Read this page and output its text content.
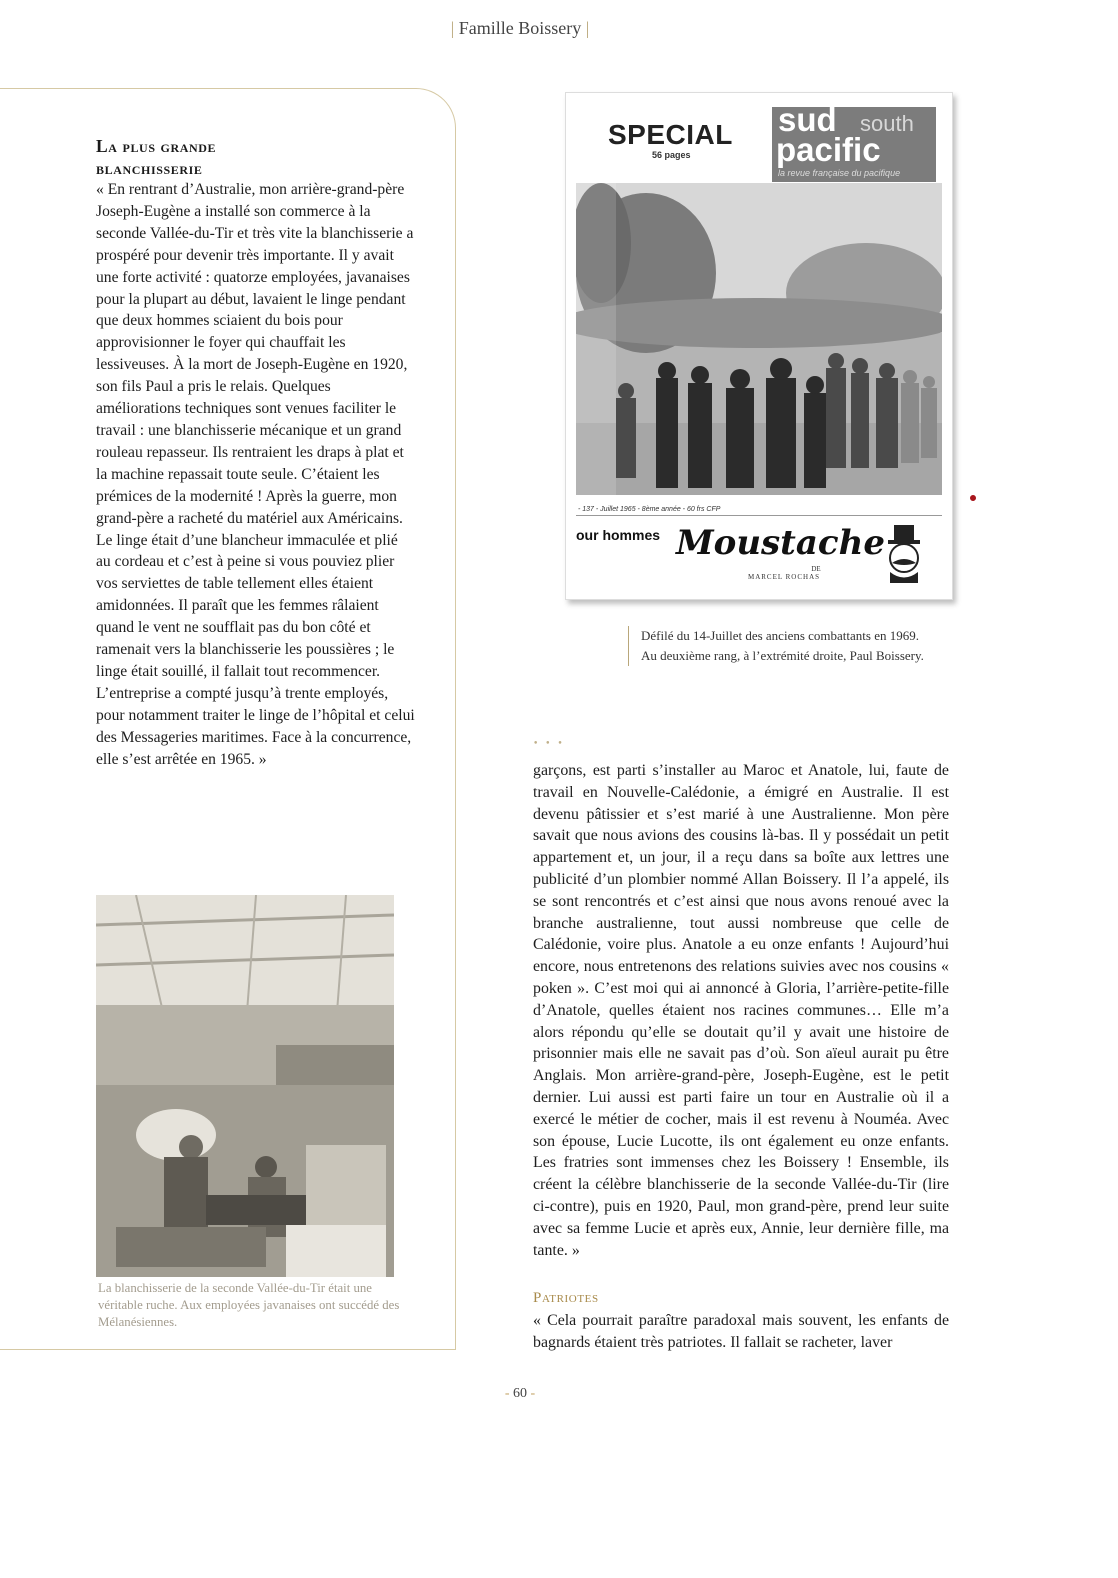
| Famille Boissery |
La plus grande
blanchisserie

« En rentrant d’Australie, mon arrière-grand-père Joseph-Eugène a installé son commerce à la seconde Vallée-du-Tir et très vite la blanchisserie a prospéré pour devenir très importante. Il y avait une forte activité : quatorze employées, javanaises pour la plupart au début, lavaient le linge pendant que deux hommes sciaient du bois pour approvisionner le foyer qui chauffait les lessiveuses. À la mort de Joseph-Eugène en 1920, son fils Paul a pris le relais. Quelques améliorations techniques sont venues faciliter le travail : une blanchisserie mécanique et un grand rouleau repasseur. Ils rentraient les draps à plat et la machine repassait toute seule. C’étaient les prémices de la modernité ! Après la guerre, mon grand-père a racheté du matériel aux Américains. Le linge était d’une blancheur immaculée et plié au cordeau et c’est à peine si vous pouviez plier vos serviettes de table tellement elles étaient amidonnées. Il paraît que les femmes râlaient quand le vent ne soufflait pas du bon côté et ramenait vers la blanchisserie les poussières ; le linge était souillé, il fallait tout recommencer. L’entreprise a compté jusqu’à trente employés, pour notamment traiter le linge de l’hôpital et celui des Messageries maritimes. Face à la concurrence, elle s’est arrêtée en 1965. »

La blanchisserie de la seconde Vallée-du-Tir était une véritable ruche. Aux employées javanaises ont succédé des Mélanésiennes.
SPECIAL
56 pages
sud south
pacific
la revue française du pacifique
- 137 - Juillet 1965 - 8ème année - 60 frs CFP
our hommes Moustache
DE
MARCEL ROCHAS
Défilé du 14-Juillet des anciens combattants en 1969.
Au deuxième rang, à l’extrémité droite, Paul Boissery.
• • •

garçons, est parti s’installer au Maroc et Anatole, lui, faute de travail en Nouvelle-Calédonie, a émigré en Australie. Il est devenu pâtissier et s’est marié à une Australienne. Mon père savait que nous avions des cousins là-bas. Il y possédait un petit appartement et, un jour, il a reçu dans sa boîte aux lettres une publicité d’un plombier nommé Allan Boissery. Il l’a appelé, ils se sont rencontrés et c’est ainsi que nous avons renoué avec la branche australienne, tout aussi nombreuse que celle de Calédonie, voire plus. Anatole a eu onze enfants ! Aujourd’hui encore, nous entretenons des relations suivies avec nos cousins « poken ». C’est moi qui ai annoncé à Gloria, l’arrière-petite-fille d’Anatole, quelles étaient nos racines communes… Elle m’a alors répondu qu’elle se doutait qu’il y avait une histoire de prisonnier mais elle ne savait pas d’où. Son aïeul aurait pu être Anglais. Mon arrière-grand-père, Joseph-Eugène, est le petit dernier. Lui aussi est parti faire un tour en Australie où il a exercé le métier de cocher, mais il est revenu à Nouméa. Avec son épouse, Lucie Lucotte, ils ont également eu onze enfants. Les fratries sont immenses chez les Boissery ! Ensemble, ils créent la célèbre blanchisserie de la seconde Vallée-du-Tir (lire ci-contre), puis en 1920, Paul, mon grand-père, prend leur suite avec sa femme Lucie et après eux, Annie, leur dernière fille, ma tante. »

Patriotes
« Cela pourrait paraître paradoxal mais souvent, les enfants de bagnards étaient très patriotes. Il fallait se racheter, laver
- 60 -
